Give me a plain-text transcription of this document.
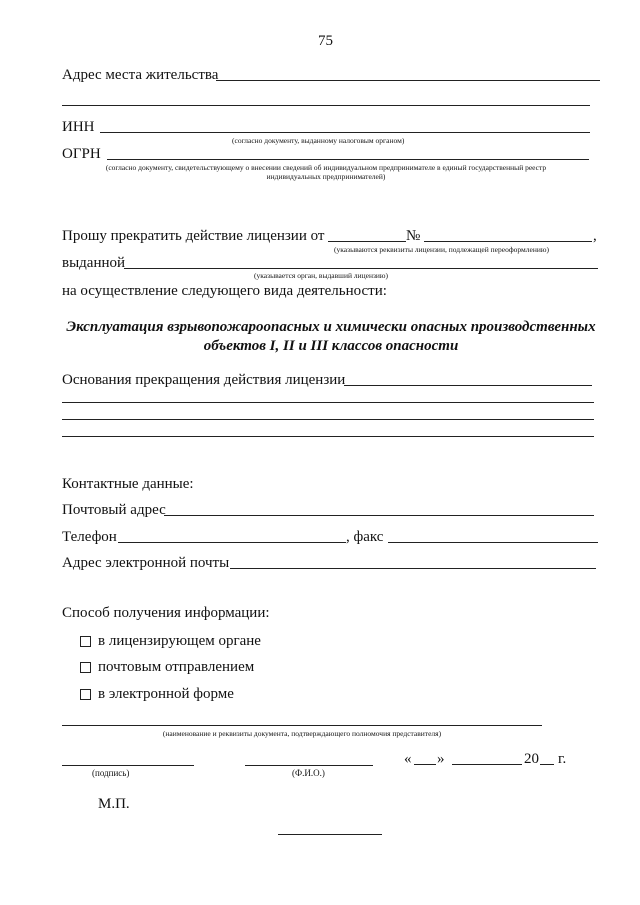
75
Адрес места жительства
ИНН
(согласно документу, выданному налоговым органом)
ОГРН
(согласно документу, свидетельствующему о внесении сведений об индивидуальном предпринимателе в единый государственный реестр
индивидуальных предпринимателей)
Прошу прекратить действие лицензии от	№	,
(указываются реквизиты лицензии, подлежащей переоформлению)
выданной
(указывается орган, выдавший лицензию)
на осуществление следующего вида деятельности:
Эксплуатация взрывопожароопасных и химически опасных производственных
объектов I, II и III классов опасности
Основания прекращения действия лицензии
Контактные данные:
Почтовый адрес
Телефон	, факс
Адрес электронной почты
Способ получения информации:
в лицензирующем органе
почтовым отправлением
в электронной форме
(наименование и реквизиты документа, подтверждающего полномочия представителя)
« »	20 г.
(подпись)	(Ф.И.О.)
М.П.
